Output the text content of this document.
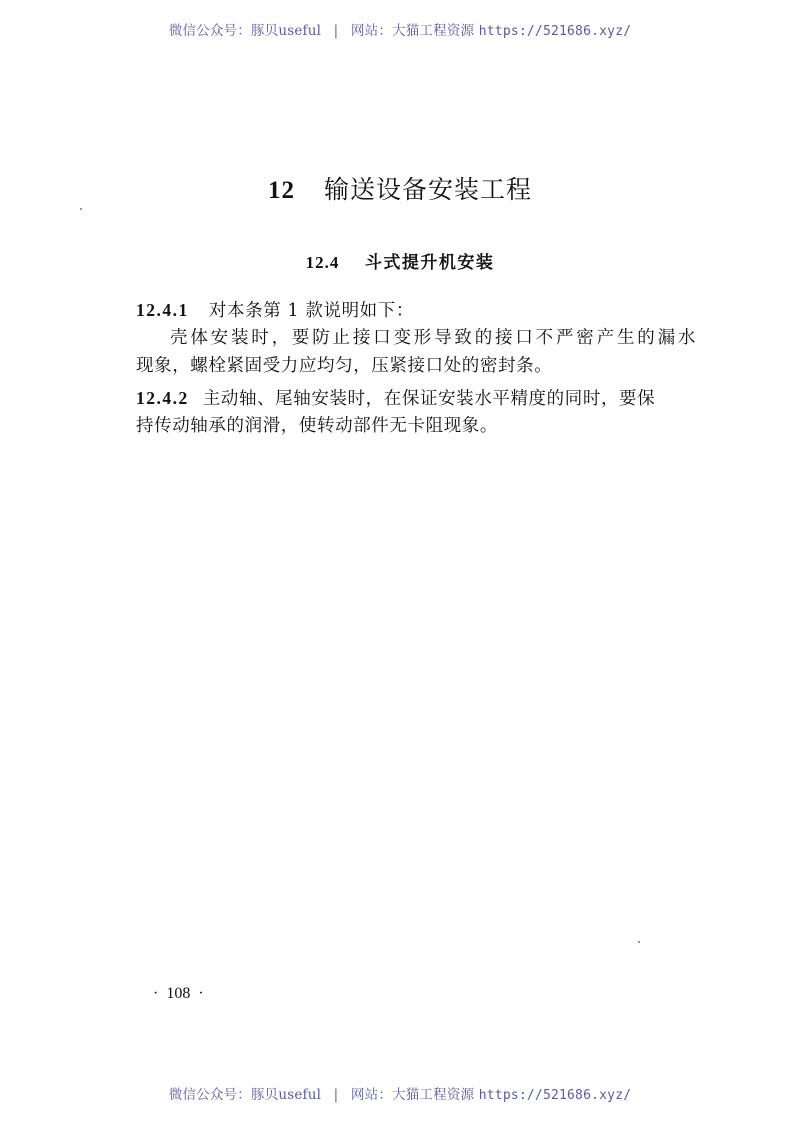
微信公众号：豚贝useful | 网站：大猫工程资源 https://521686.xyz/
12 输送设备安装工程
12.4 斗式提升机安装
12.4.1 对本条第 1 款说明如下：
壳体安装时，要防止接口变形导致的接口不严密产生的漏水
现象，螺栓紧固受力应均匀，压紧接口处的密封条。
12.4.2 主动轴、尾轴安装时，在保证安装水平精度的同时，要保
持传动轴承的润滑，使转动部件无卡阻现象。
· 108 ·
微信公众号：豚贝useful | 网站：大猫工程资源 https://521686.xyz/
